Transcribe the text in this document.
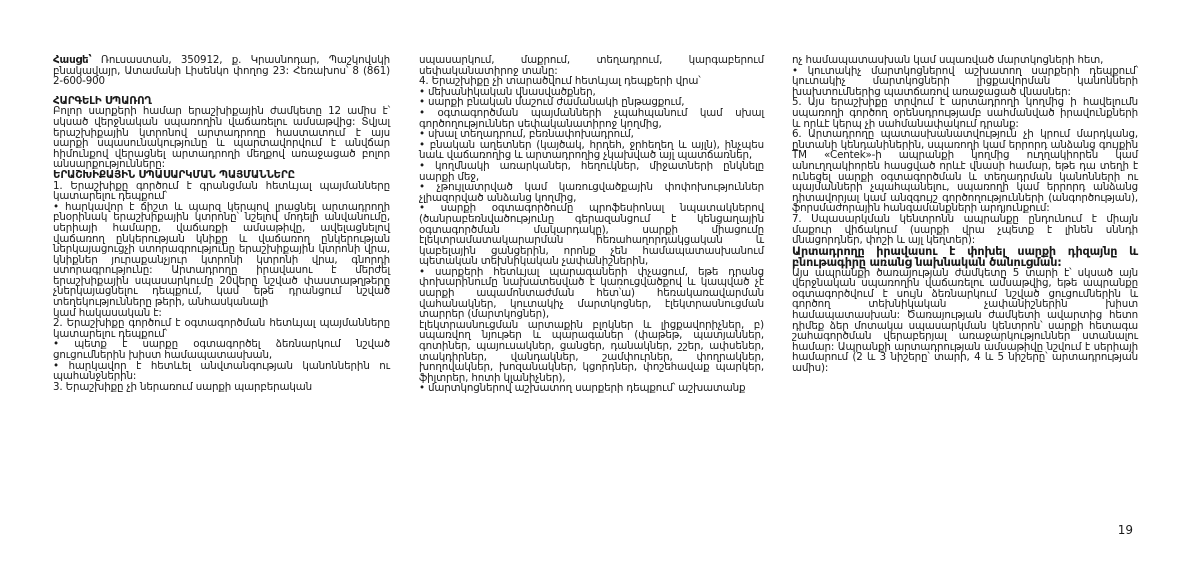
Հասցե՝ Ռուսաստան, 350912, ք. Կրասնոդար, Պաշկովսկի բնակավայր, Ատամանի Լիսենկո փողոց 23: Հեռախոս՝ 8 (861) 2-600-900

ՀԱՐԳԵԼԻ ՍՊԱՌՈՂ

Բոլոր սարքերի համար երաշխիքային ժամկետը 12 ամիս է՝ սկսած վերջնական սպառողին վաճառելու ամսաթվից: Տվյալ երաշխիքային կտրոնով արտադրողը հաստատում է այս սարքի սպասունակությունը և պարտավորվում է անվճար հիմունքով վերացնել արտադրողի մեղքով առաջացած բոլոր անսարքությունները:

ԵՐԱՇԽԻՔԱՅԻՆ ՍՊԱՍԱՐԿՄԱՆ ՊԱՅՄԱՆՆԵՐԸ

1. Երաշխիքը գործում է գրանցման հետևյալ պայմանները կատարելու դեպքում՝

• հարկավոր է ճիշտ և պարզ կերպով լրացնել արտադրողի բնօրինակ երաշխիքային կտրոնը՝ նշելով մոդելի անվանումը, սերիայի համարը, վաճառքի ամսաթիվը, ավելացնելով վաճառող ընկերության կնիքը և վաճառող ընկերության ներկայացուցչի ստորագրությունը երաշխիքային կտրոնի վրա, կնիքներ յուրաքանչյուր կտրոնի կտրոնի վրա, գնորդի ստորագրությունը: Արտադրողը իրավասու է մերժել երաշխիքային սպասարկումը 20վերը նշված փաստաթղթերը չներկայացնելու դեպքում, կամ եթե դրանցում նշված տեղեկությունները թերի, անհասկանալի

կամ հակասական է:

2. Երաշխիքը գործում է օգտագործման հետևյալ պայմանները կատարելու դեպքում՝

• պետք է սարքը օգտագործել ձեռնարկում նշված ցուցումներին խիստ համապատասխան,

• հարկավոր է հետևել անվտանգության կանոններին ու պահանջներին:

3. Երաշխիքը չի ներառում սարքի պարբերական

սպասարկում, մաքրում, տեղադրում, կարգաբերում սեփականատիրոջ տանը:

4. Երաշխիքը չի տարածվում հետևյալ դեպքերի վրա՝

• մեխանիկական վնասվածքներ,

• սարքի բնական մաշում ժամանակի ընթացքում,

• օգտագործման պայմանների չպահպանում կամ սխալ գործողություններ սեփականատիրոջ կողմից,

• սխալ տեղադրում, բեռնափոխադրում,

• բնական աղետներ (կայծակ, հրդեհ, ջրհեղեղ և այլն), ինչպես նաև վաճառողից և արտադրողից չկախված այլ պատճառներ,

• կողմնակի առարկաներ, հեղուկներ, միջատների ընկնելը սարքի մեջ,

• չթույլատրված կամ կառուցվածքային փոփոխություններ չլիազորված անձանց կողմից,

• սարքի օգտագործումը պրոֆեսիոնալ նպատակներով (ծանրաբեռնվածությունը գերազանցում է կենցաղային օգտագործման մակարդակը), սարքի միացումը էլեկտրամատակարարման հեռահաղորդակցական և կաբելային ցանցերին, որոնք չեն համապատասխանում պետական տեխնիկական չափանիշներին,

• սարքերի հետևյալ պարագաների փչացում, եթե դրանց փոխարինումը նախատեսված է կառուցվածքով և կապված չէ սարքի ապամոնտաժման հետ՝ա) հեռակառավարման վահանակներ, կուտակիչ մարտկոցներ, էլեկտրասնուցման տարրեր (մարտկոցներ),

էլեկտրասնուցման արտաքին բլոկներ և լիցքավորիչներ, բ) սպառվող նյութեր և պարագաներ (փաթեթ, պատյաններ, գոտիներ, պայուսակներ, ցանցեր, դանակներ, շշեր, ափսեներ, տակդիրներ, վանդակներ, շամփուրներ, փողրակներ, խողովակներ, խոզանակներ, կցորդներ, փոշեհավաք պարկեր, ֆիլտրեր, հոտի կլանիչներ),

• մարտկոցներով աշխատող սարքերի դեպքում՝ աշխատանք

ոչ համապատասխան կամ սպառված մարտկոցների հետ,

• կուտակիչ մարտկոցներով աշխատող սարքերի դեպքում՝ կուտակիչ մարտկոցների լիցքավորման կանոնների խախտումներից պատճառով առաջացած վնասներ:

5. Այս երաշխիքը տրվում է արտադրողի կողմից ի հավելումն սպառողի գործող օրենսդրությամբ սահմանված իրավունքների և որևէ կերպ չի սահմանափակում դրանք:

6. Արտադրողը պատասխանատվություն չի կրում մարդկանց, ընտանի կենդանիներին, սպառողի կամ երրորդ անձանց գույքին TM «Centek»-ի ապրանքի կողմից ուղղակիորեն կամ անուղղակիորեն հասցված որևէ վնասի համար, եթե դա տեղի է ունեցել սարքի օգտագործման և տեղադրման կանոնների ու պայմանների չպահպանելու, սպառողի կամ երրորդ անձանց դիտավորյալ կամ անզգույշ գործողությունների (անգործության), ֆորսմաժորային հանգամանքների արդյունքում:

7. Սպասարկման կենտրոնն ապրանքը ընդունում է միայն մաքուր վիճակում (սարքի վրա չպետք է լինեն սննդի մնացորդներ, փոշի և այլ կեղտեր):

Արտադրողը իրավասու է փոխել սարքի դիզայնը և բնութագիրը առանց նախնական ծանուցման:

Այս ապրանքի ծառայության ժամկետը 5 տարի է՝ սկսած այն վերջնական սպառողին վաճառելու ամսաթվից, եթե ապրանքը օգտագործվում է սույն ձեռնարկում նշված ցուցումներին և գործող տեխնիկական չափանիշներին խիստ համապատասխան: Ծառայության ժամկետի ավարտից հետո դիմեք ձեր մոտակա սպասարկման կենտրոն՝ սարքի հետագա շահագործման վերաբերյալ առաջարկություններ ստանալու համար: Ապրանքի արտադրության ամսաթիվը նշվում է սերիայի համարում (2 և 3 նիշերը՝ տարի, 4 և 5 նիշերը՝ արտադրության ամիս):

19
